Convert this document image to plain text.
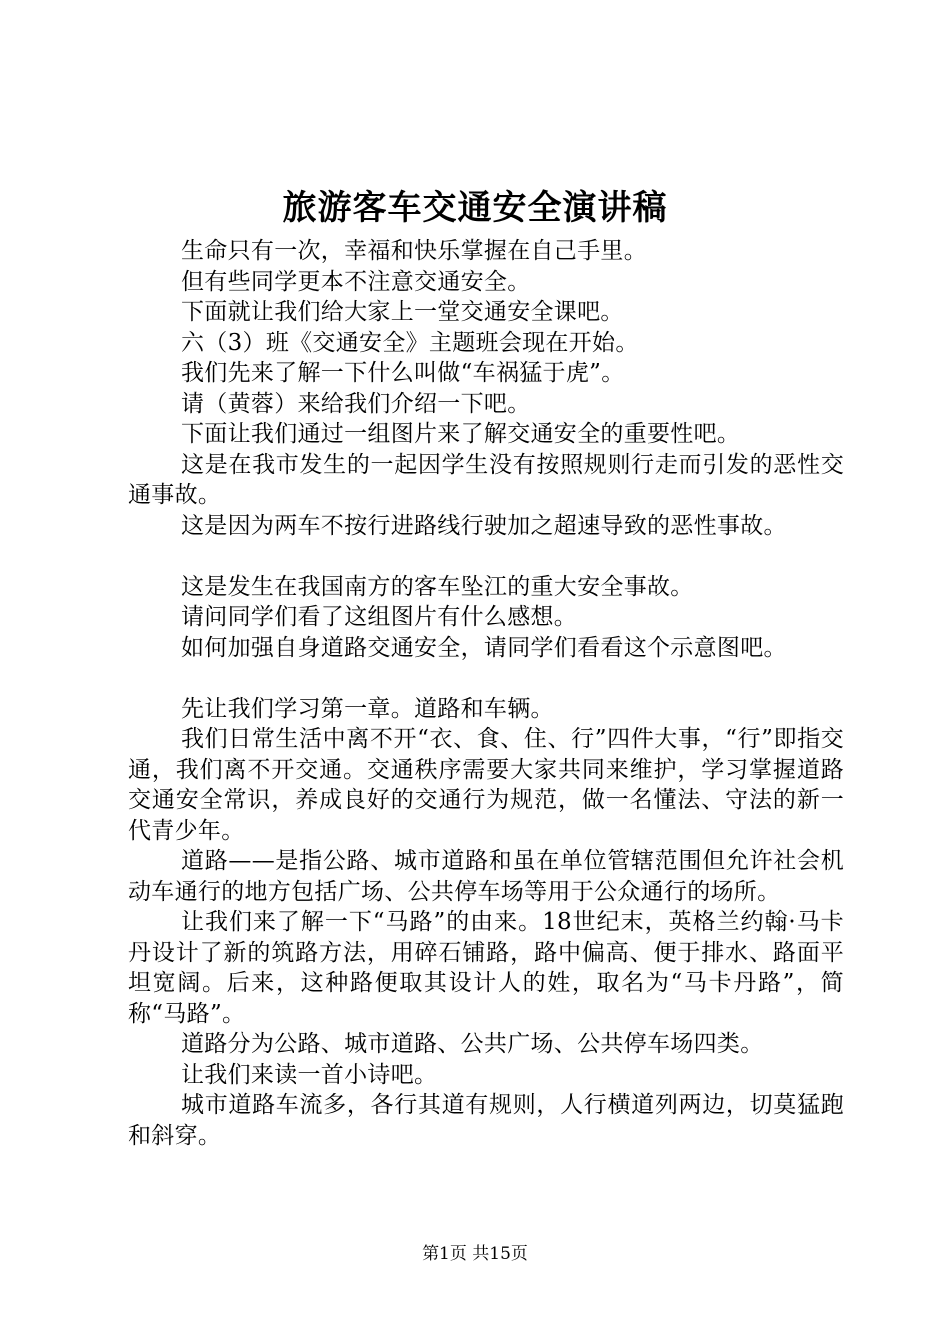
旅游客车交通安全演讲稿

生命只有一次，幸福和快乐掌握在自己手里。

但有些同学更本不注意交通安全。

下面就让我们给大家上一堂交通安全课吧。

六（3）班《交通安全》主题班会现在开始。

我们先来了解一下什么叫做“车祸猛于虎”。

请（黄蓉）来给我们介绍一下吧。

下面让我们通过一组图片来了解交通安全的重要性吧。

这是在我市发生的一起因学生没有按照规则行走而引发的恶性交通事故。

这是因为两车不按行进路线行驶加之超速导致的恶性事故。

这是发生在我国南方的客车坠江的重大安全事故。

请问同学们看了这组图片有什么感想。

如何加强自身道路交通安全，请同学们看看这个示意图吧。

先让我们学习第一章。道路和车辆。

我们日常生活中离不开“衣、食、住、行”四件大事，“行”即指交通，我们离不开交通。交通秩序需要大家共同来维护，学习掌握道路交通安全常识，养成良好的交通行为规范，做一名懂法、守法的新一代青少年。

道路——是指公路、城市道路和虽在单位管辖范围但允许社会机动车通行的地方包括广场、公共停车场等用于公众通行的场所。

让我们来了解一下“马路”的由来。18世纪末，英格兰约翰·马卡丹设计了新的筑路方法，用碎石铺路，路中偏高、便于排水、路面平坦宽阔。后来，这种路便取其设计人的姓，取名为“马卡丹路”，简称“马路”。

道路分为公路、城市道路、公共广场、公共停车场四类。

让我们来读一首小诗吧。

城市道路车流多，各行其道有规则，人行横道列两边，切莫猛跑和斜穿。

第1页 共15页
